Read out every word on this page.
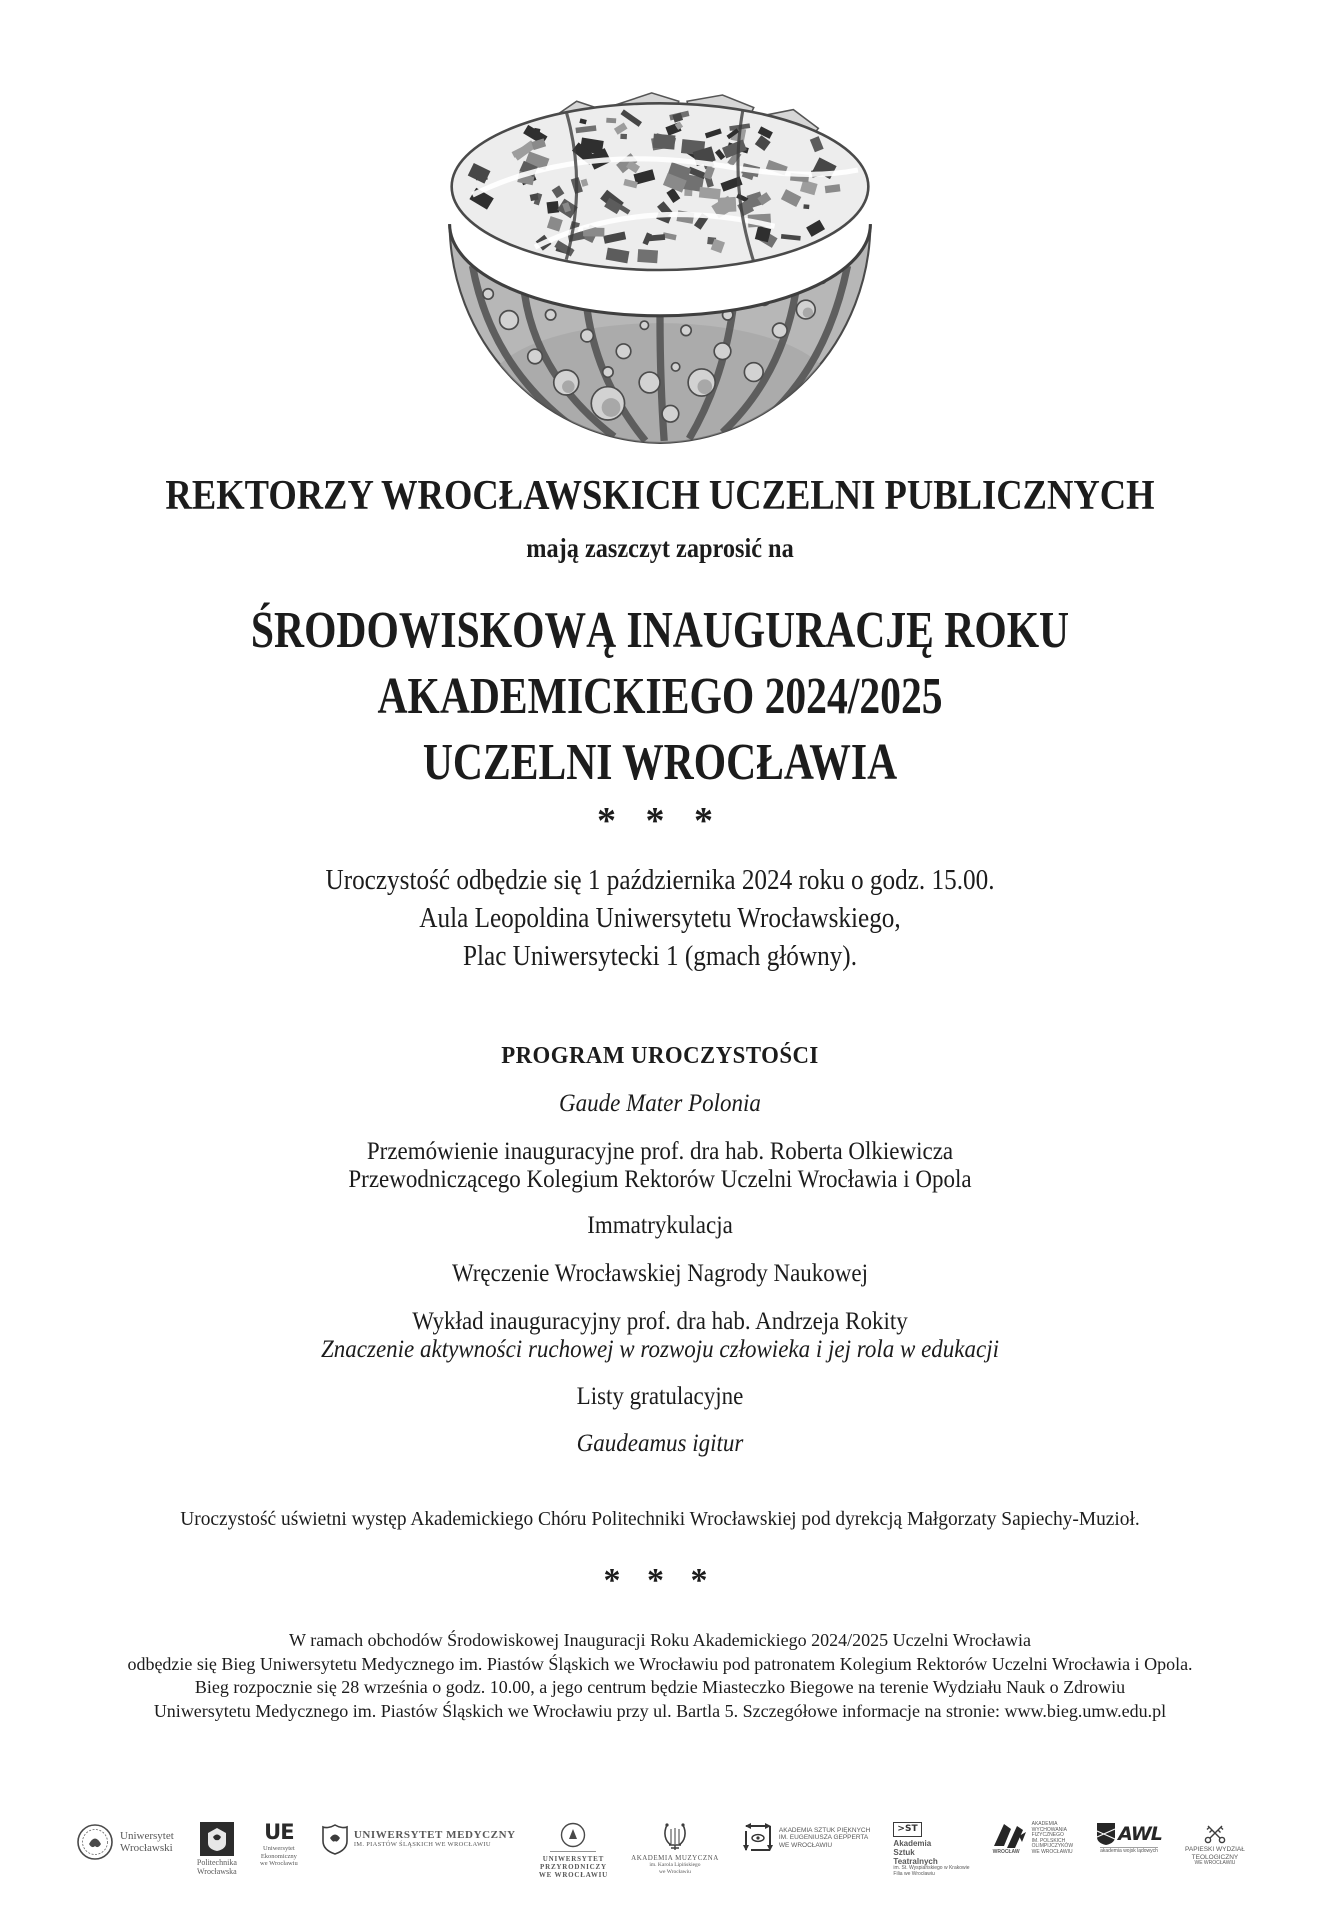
REKTORZY WROCŁAWSKICH UCZELNI PUBLICZNYCH
mają zaszczyt zaprosić na
ŚRODOWISKOWĄ INAUGURACJĘ ROKU
AKADEMICKIEGO 2024/2025
UCZELNI WROCŁAWIA
* * *
Uroczystość odbędzie się 1 października 2024 roku o godz. 15.00.
Aula Leopoldina Uniwersytetu Wrocławskiego,
Plac Uniwersytecki 1 (gmach główny).
PROGRAM UROCZYSTOŚCI
Gaude Mater Polonia
Przemówienie inauguracyjne prof. dra hab. Roberta Olkiewicza
Przewodniczącego Kolegium Rektorów Uczelni Wrocławia i Opola
Immatrykulacja
Wręczenie Wrocławskiej Nagrody Naukowej
Wykład inauguracyjny prof. dra hab. Andrzeja Rokity
Znaczenie aktywności ruchowej w rozwoju człowieka i jej rola w edukacji
Listy gratulacyjne
Gaudeamus igitur
Uroczystość uświetni występ Akademickiego Chóru Politechniki Wrocławskiej pod dyrekcją Małgorzaty Sapiechy-Muzioł.
* * *
W ramach obchodów Środowiskowej Inauguracji Roku Akademickiego 2024/2025 Uczelni Wrocławia
odbędzie się Bieg Uniwersytetu Medycznego im. Piastów Śląskich we Wrocławiu pod patronatem Kolegium Rektorów Uczelni Wrocławia i Opola.
Bieg rozpocznie się 28 września o godz. 10.00, a jego centrum będzie Miasteczko Biegowe na terenie Wydziału Nauk o Zdrowiu
Uniwersytetu Medycznego im. Piastów Śląskich we Wrocławiu przy ul. Bartla 5. Szczegółowe informacje na stronie: www.bieg.umw.edu.pl
Uniwersytet
Wrocławski
Politechnika
Wrocławska
UE
Uniwersytet
Ekonomiczny
we Wrocławiu
UNIWERSYTET MEDYCZNY
IM. PIASTÓW ŚLĄSKICH WE WROCŁAWIU
UNIWERSYTET
PRZYRODNICZY
WE WROCŁAWIU
AKADEMIA MUZYCZNA
im. Karola Lipińskiego
we Wrocławiu
AKADEMIA SZTUK PIĘKNYCH
IM. EUGENIUSZA GEPPERTA
WE WROCŁAWIU
>ST
Akademia
Sztuk
Teatralnych
im. St. Wyspiańskiego w Krakowie
Filia we Wrocławiu
WROCŁAW
AKADEMIA
WYCHOWANIA
FIZYCZNEGO
IM. POLSKICH
OLIMPIJCZYKÓW
WE WROCŁAWIU
AWL
akademia wojsk lądowych	PAPIESKI WYDZIAŁ
TEOLOGICZNY
WE WROCŁAWIU
